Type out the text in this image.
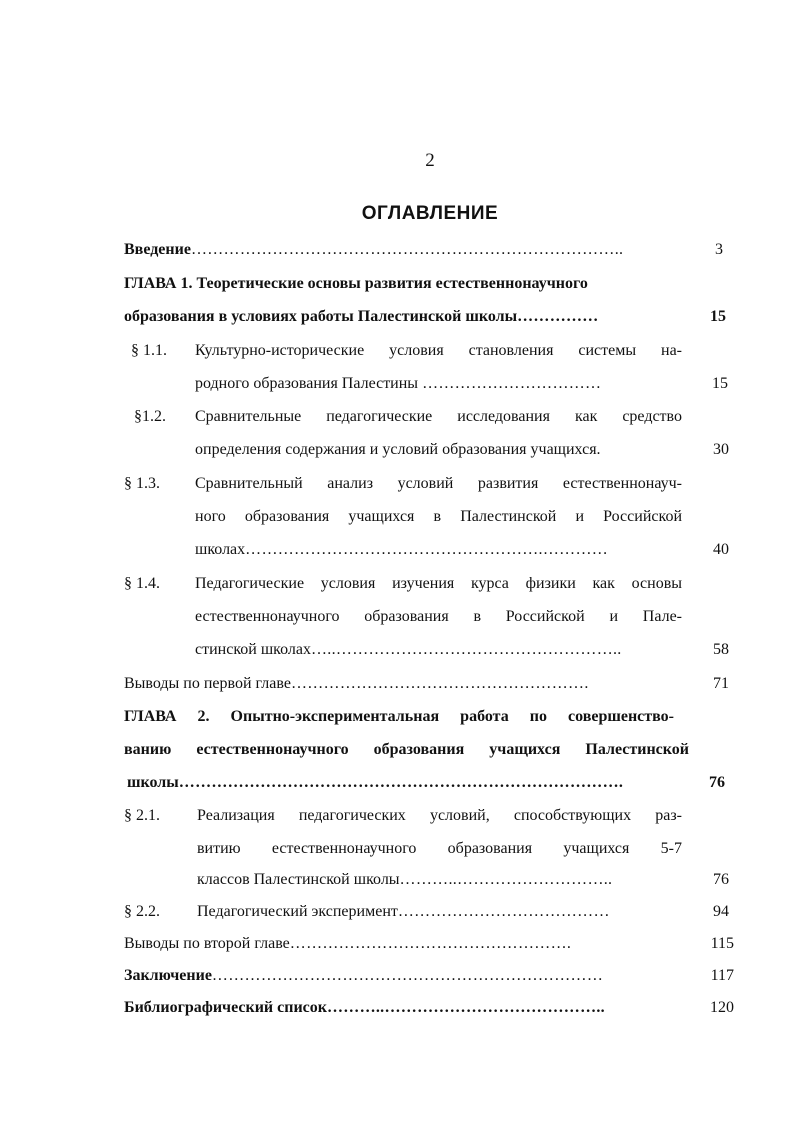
2
ОГЛАВЛЕНИЕ
Введение……………………………………………………………………..	3
ГЛАВА 1. Теоретические основы развития естественнонаучного
образования в условиях работы Палестинской школы……………	15
§ 1.1. Культурно-исторические условия становления системы на-
родного образования Палестины ……………………………	15
§1.2. Сравнительные педагогические исследования как средство
определения содержания и условий образования учащихся.	30
§ 1.3. Сравнительный анализ условий развития естественнонауч-
ного образования учащихся в Палестинской и Российской
школах……………………………………………….…………	40
§ 1.4. Педагогические условия изучения курса физики как основы
естественнонаучного образования в Российской и Пале-
стинской школах…..……………………………………………..	58
Выводы по первой главе……………………………………………….	71
ГЛАВА 2. Опытно-экспериментальная работа по совершенство-
ванию естественнонаучного образования учащихся Палестинской
школы……………………………………………………………………….	76
§ 2.1. Реализация педагогических условий, способствующих раз-
витию естественнонаучного образования учащихся 5-7
классов Палестинской школы………..………………………..	76
§ 2.2. Педагогический эксперимент…………………………………	94
Выводы по второй главе…………………………………………….	115
Заключение………………………………………………………………	117
Библиографический список………..…………………………………..	120
